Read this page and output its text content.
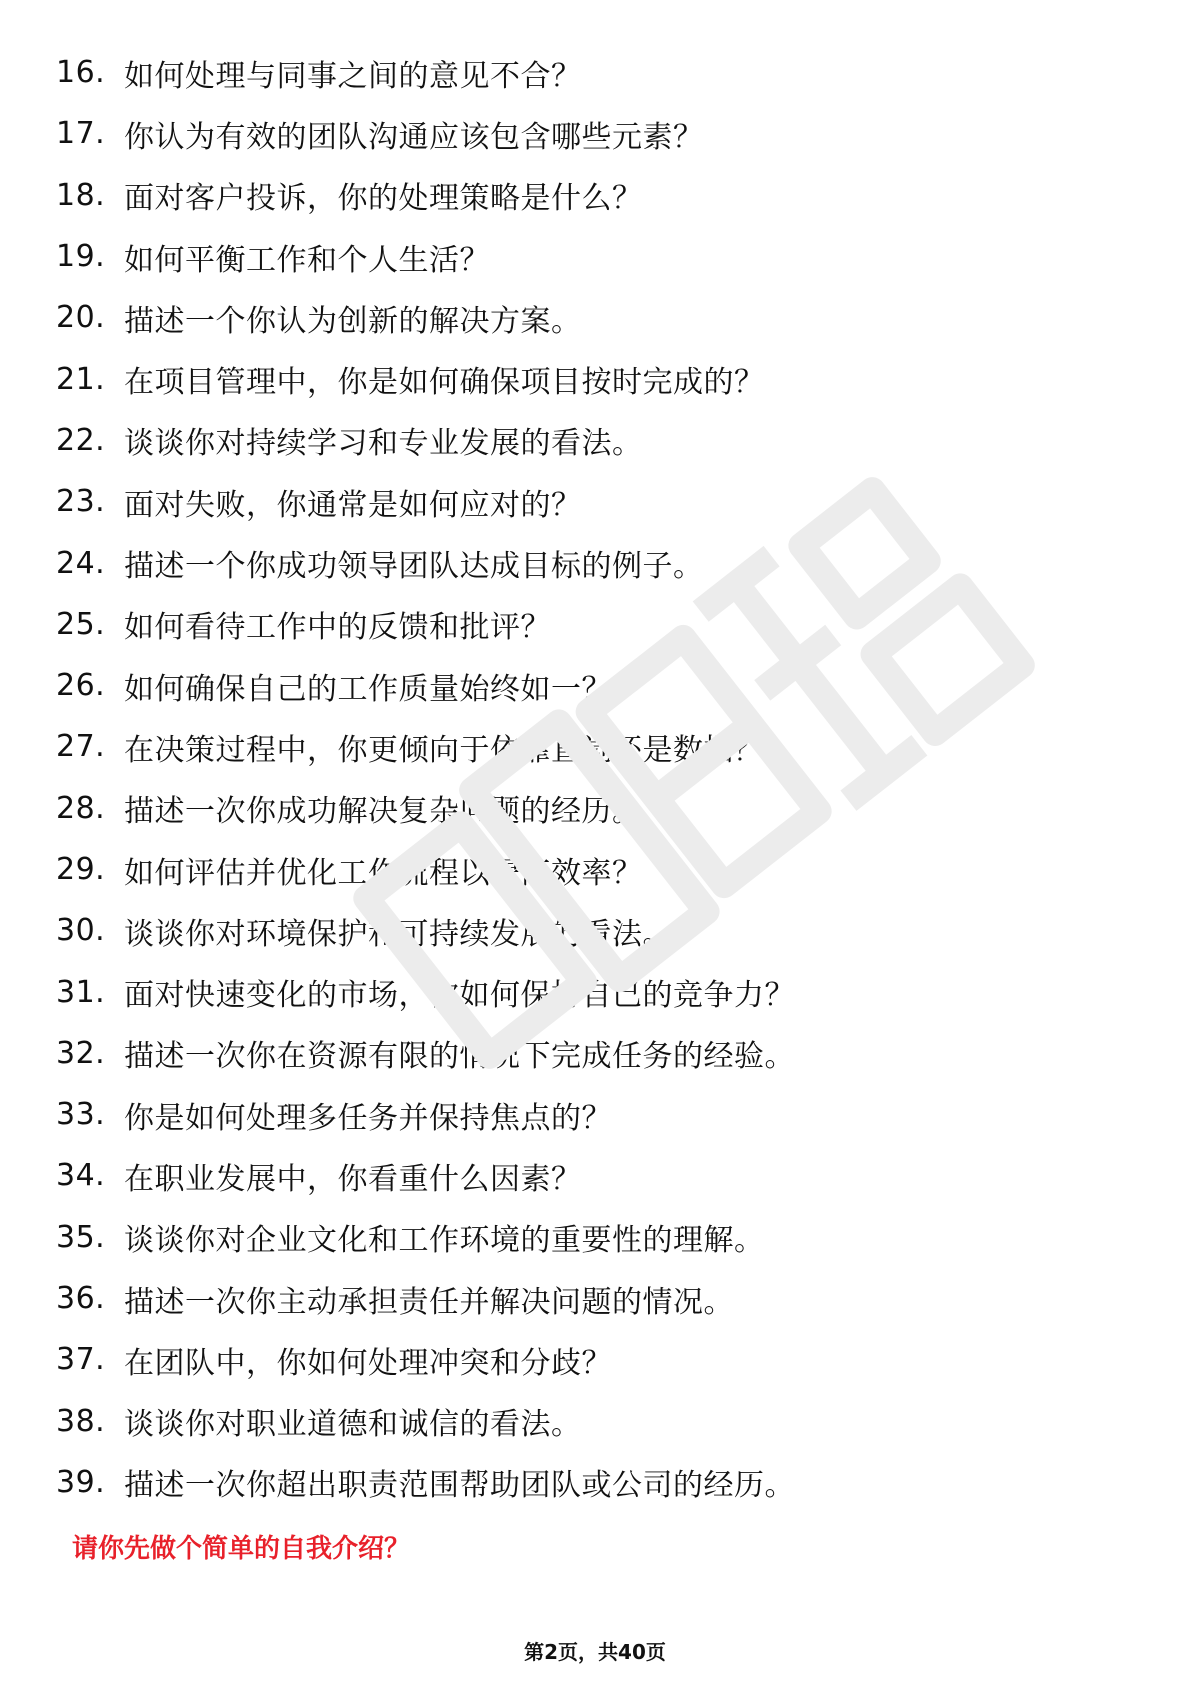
16. 如何处理与同事之间的意见不合？
17. 你认为有效的团队沟通应该包含哪些元素？
18. 面对客户投诉，你的处理策略是什么？
19. 如何平衡工作和个人生活？
20. 描述一个你认为创新的解决方案。
21. 在项目管理中，你是如何确保项目按时完成的？
22. 谈谈你对持续学习和专业发展的看法。
23. 面对失败，你通常是如何应对的？
24. 描述一个你成功领导团队达成目标的例子。
25. 如何看待工作中的反馈和批评？
26. 如何确保自己的工作质量始终如一？
27. 在决策过程中，你更倾向于依靠直觉还是数据？
28. 描述一次你成功解决复杂问题的经历。
29. 如何评估并优化工作流程以提高效率？
30. 谈谈你对环境保护和可持续发展的看法。
31. 面对快速变化的市场，你如何保持自己的竞争力？
32. 描述一次你在资源有限的情况下完成任务的经验。
33. 你是如何处理多任务并保持焦点的？
34. 在职业发展中，你看重什么因素？
35. 谈谈你对企业文化和工作环境的重要性的理解。
36. 描述一次你主动承担责任并解决问题的情况。
37. 在团队中，你如何处理冲突和分歧？
38. 谈谈你对职业道德和诚信的看法。
39. 描述一次你超出职责范围帮助团队或公司的经历。
请你先做个简单的自我介绍？
第2页，共40页
